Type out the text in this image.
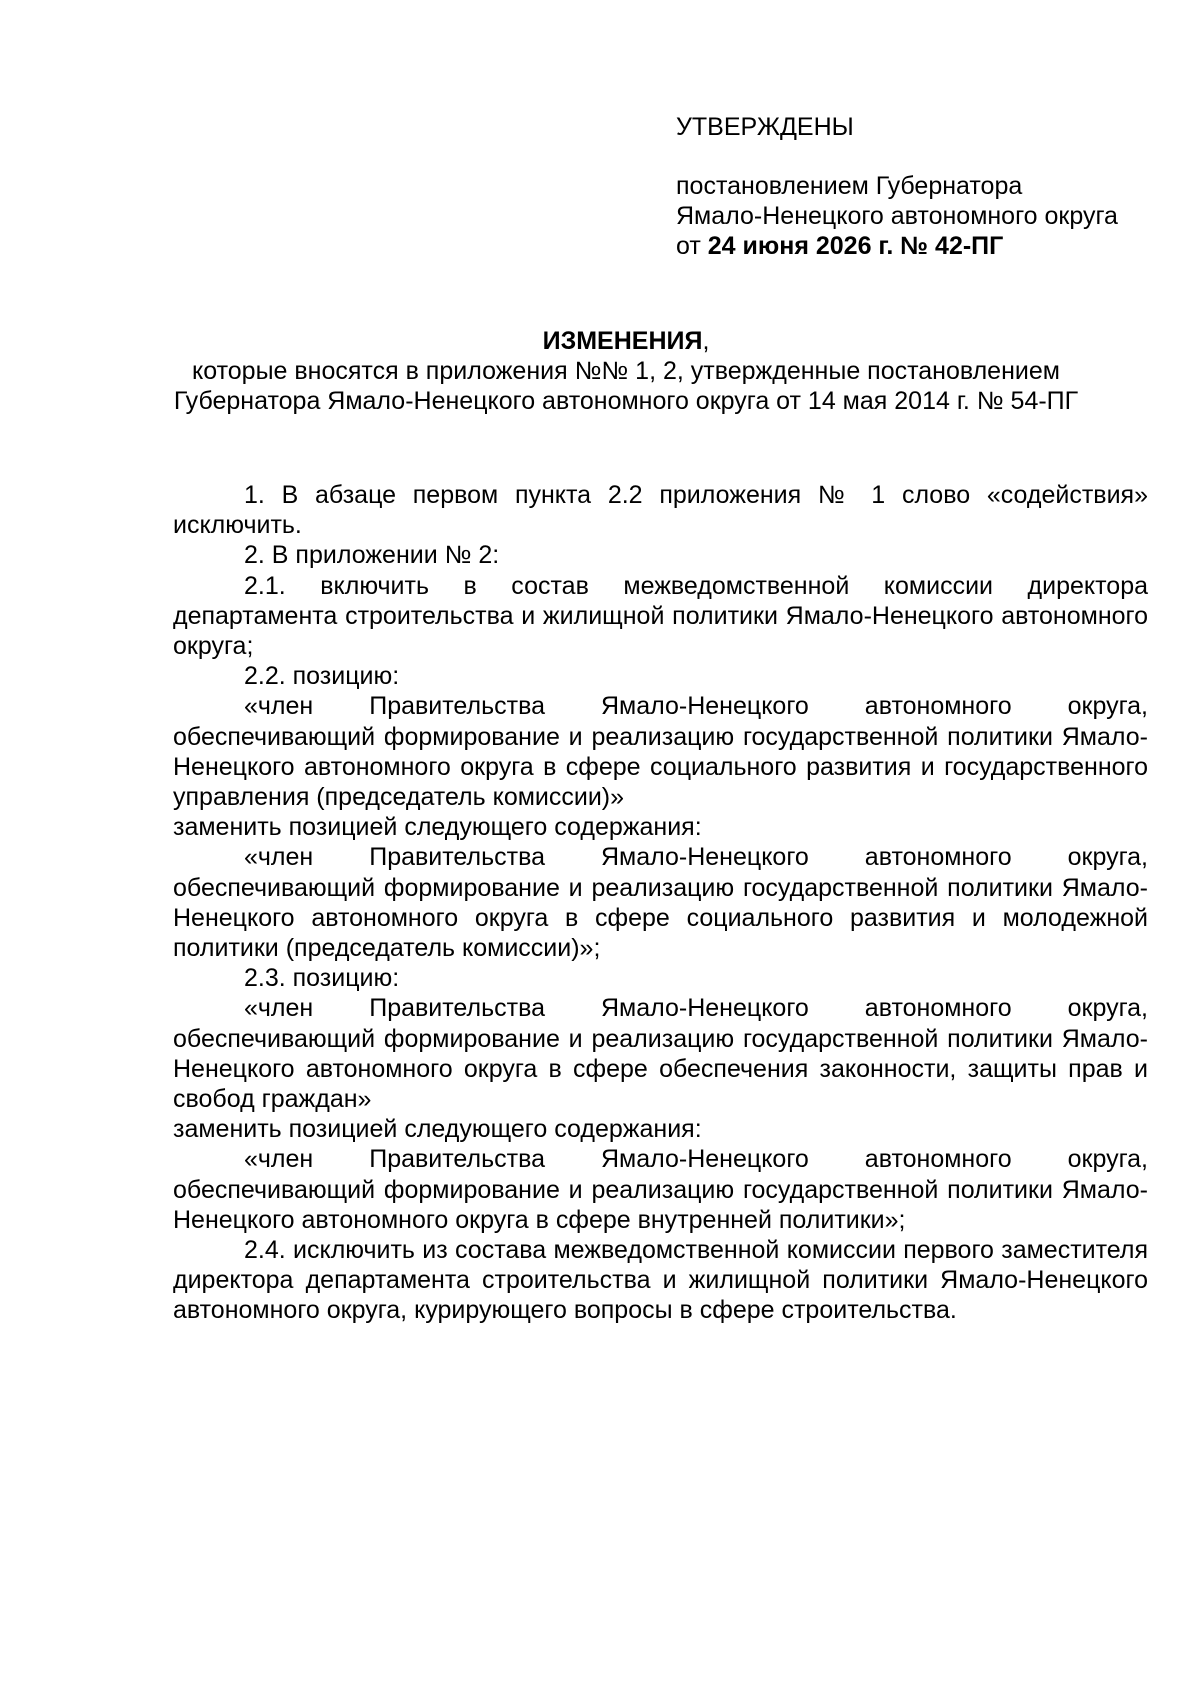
УТВЕРЖДЕНЫ
постановлением Губернатора
Ямало-Ненецкого автономного округа
от 24 июня 2026 г. № 42-ПГ
ИЗМЕНЕНИЯ,
которые вносятся в приложения №№ 1, 2, утвержденные постановлением
Губернатора Ямало-Ненецкого автономного округа от 14 мая 2014 г. № 54-ПГ

1. В абзаце первом пункта 2.2 приложения № 1 слово «содействия» исключить.

2. В приложении № 2:

2.1. включить в состав межведомственной комиссии директора департамента строительства и жилищной политики Ямало-Ненецкого автономного округа;

2.2. позицию:

«член Правительства Ямало-Ненецкого автономного округа, обеспечивающий формирование и реализацию государственной политики Ямало-Ненецкого автономного округа в сфере социального развития и государственного управления (председатель комиссии)»

заменить позицией следующего содержания:

«член Правительства Ямало-Ненецкого автономного округа, обеспечивающий формирование и реализацию государственной политики Ямало-Ненецкого автономного округа в сфере социального развития и молодежной политики (председатель комиссии)»;

2.3. позицию:

«член Правительства Ямало-Ненецкого автономного округа, обеспечивающий формирование и реализацию государственной политики Ямало-Ненецкого автономного округа в сфере обеспечения законности, защиты прав и свобод граждан»

заменить позицией следующего содержания:

«член Правительства Ямало-Ненецкого автономного округа, обеспечивающий формирование и реализацию государственной политики Ямало-Ненецкого автономного округа в сфере внутренней политики»;

2.4. исключить из состава межведомственной комиссии первого заместителя директора департамента строительства и жилищной политики Ямало-Ненецкого автономного округа, курирующего вопросы в сфере строительства.
